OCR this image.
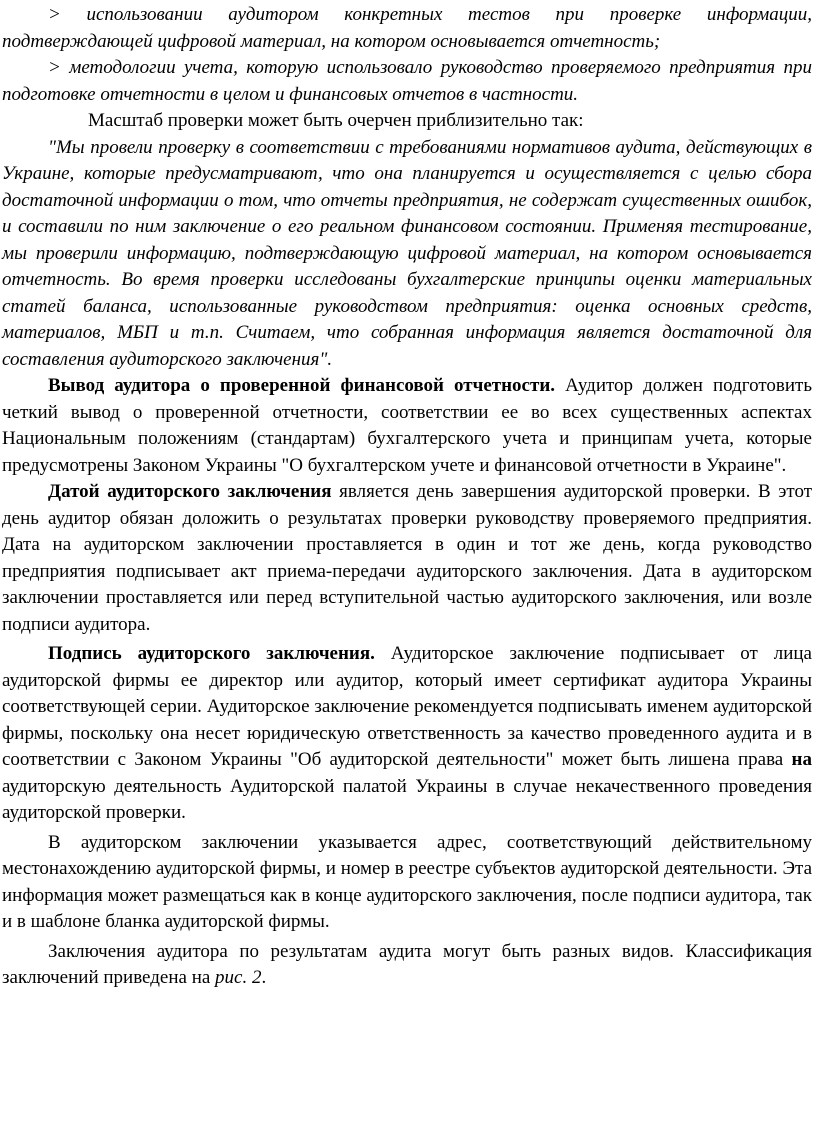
> использовании аудитором конкретных тестов при проверке информации, подтверждающей цифровой материал, на котором основывается отчетность;

> методологии учета, которую использовало руководство проверяемого предприятия при подготовке отчетности в целом и финансовых отчетов в частности.

Масштаб проверки может быть очерчен приблизительно так:

"Мы провели проверку в соответствии с требованиями нормативов аудита, действующих в Украине, которые предусматривают, что она планируется и осуществляется с целью сбора достаточной информации о том, что отчеты предприятия, не содержат существенных ошибок, и составили по ним заключение о его реальном финансовом состоянии. Применяя тестирование, мы проверили информацию, подтверждающую цифровой материал, на котором основывается отчетность. Во время проверки исследованы бухгалтерские принципы оценки материальных статей баланса, использованные руководством предприятия: оценка основных средств, материалов, МБП и т.п. Считаем, что собранная информация является достаточной для составления аудиторского заключения".

Вывод аудитора о проверенной финансовой отчетности. Аудитор должен подготовить четкий вывод о проверенной отчетности, соответствии ее во всех существенных аспектах Национальным положениям (стандартам) бухгалтерского учета и принципам учета, которые предусмотрены Законом Украины "О бухгалтерском учете и финансовой отчетности в Украине".

Датой аудиторского заключения является день завершения аудиторской проверки. В этот день аудитор обязан доложить о результатах проверки руководству проверяемого предприятия. Дата на аудиторском заключении проставляется в один и тот же день, когда руководство предприятия подписывает акт приема-передачи аудиторского заключения. Дата в аудиторском заключении проставляется или перед вступительной частью аудиторского заключения, или возле подписи аудитора.

Подпись аудиторского заключения. Аудиторское заключение подписывает от лица аудиторской фирмы ее директор или аудитор, который имеет сертификат аудитора Украины соответствующей серии. Аудиторское заключение рекомендуется подписывать именем аудиторской фирмы, поскольку она несет юридическую ответственность за качество проведенного аудита и в соответствии с Законом Украины "Об аудиторской деятельности" может быть лишена права на аудиторскую деятельность Аудиторской палатой Украины в случае некачественного проведения аудиторской проверки.

В аудиторском заключении указывается адрес, соответствующий действительному местонахождению аудиторской фирмы, и номер в реестре субъектов аудиторской деятельности. Эта информация может размещаться как в конце аудиторского заключения, после подписи аудитора, так и в шаблоне бланка аудиторской фирмы.

Заключения аудитора по результатам аудита могут быть разных видов. Классификация заключений приведена на рис. 2.
